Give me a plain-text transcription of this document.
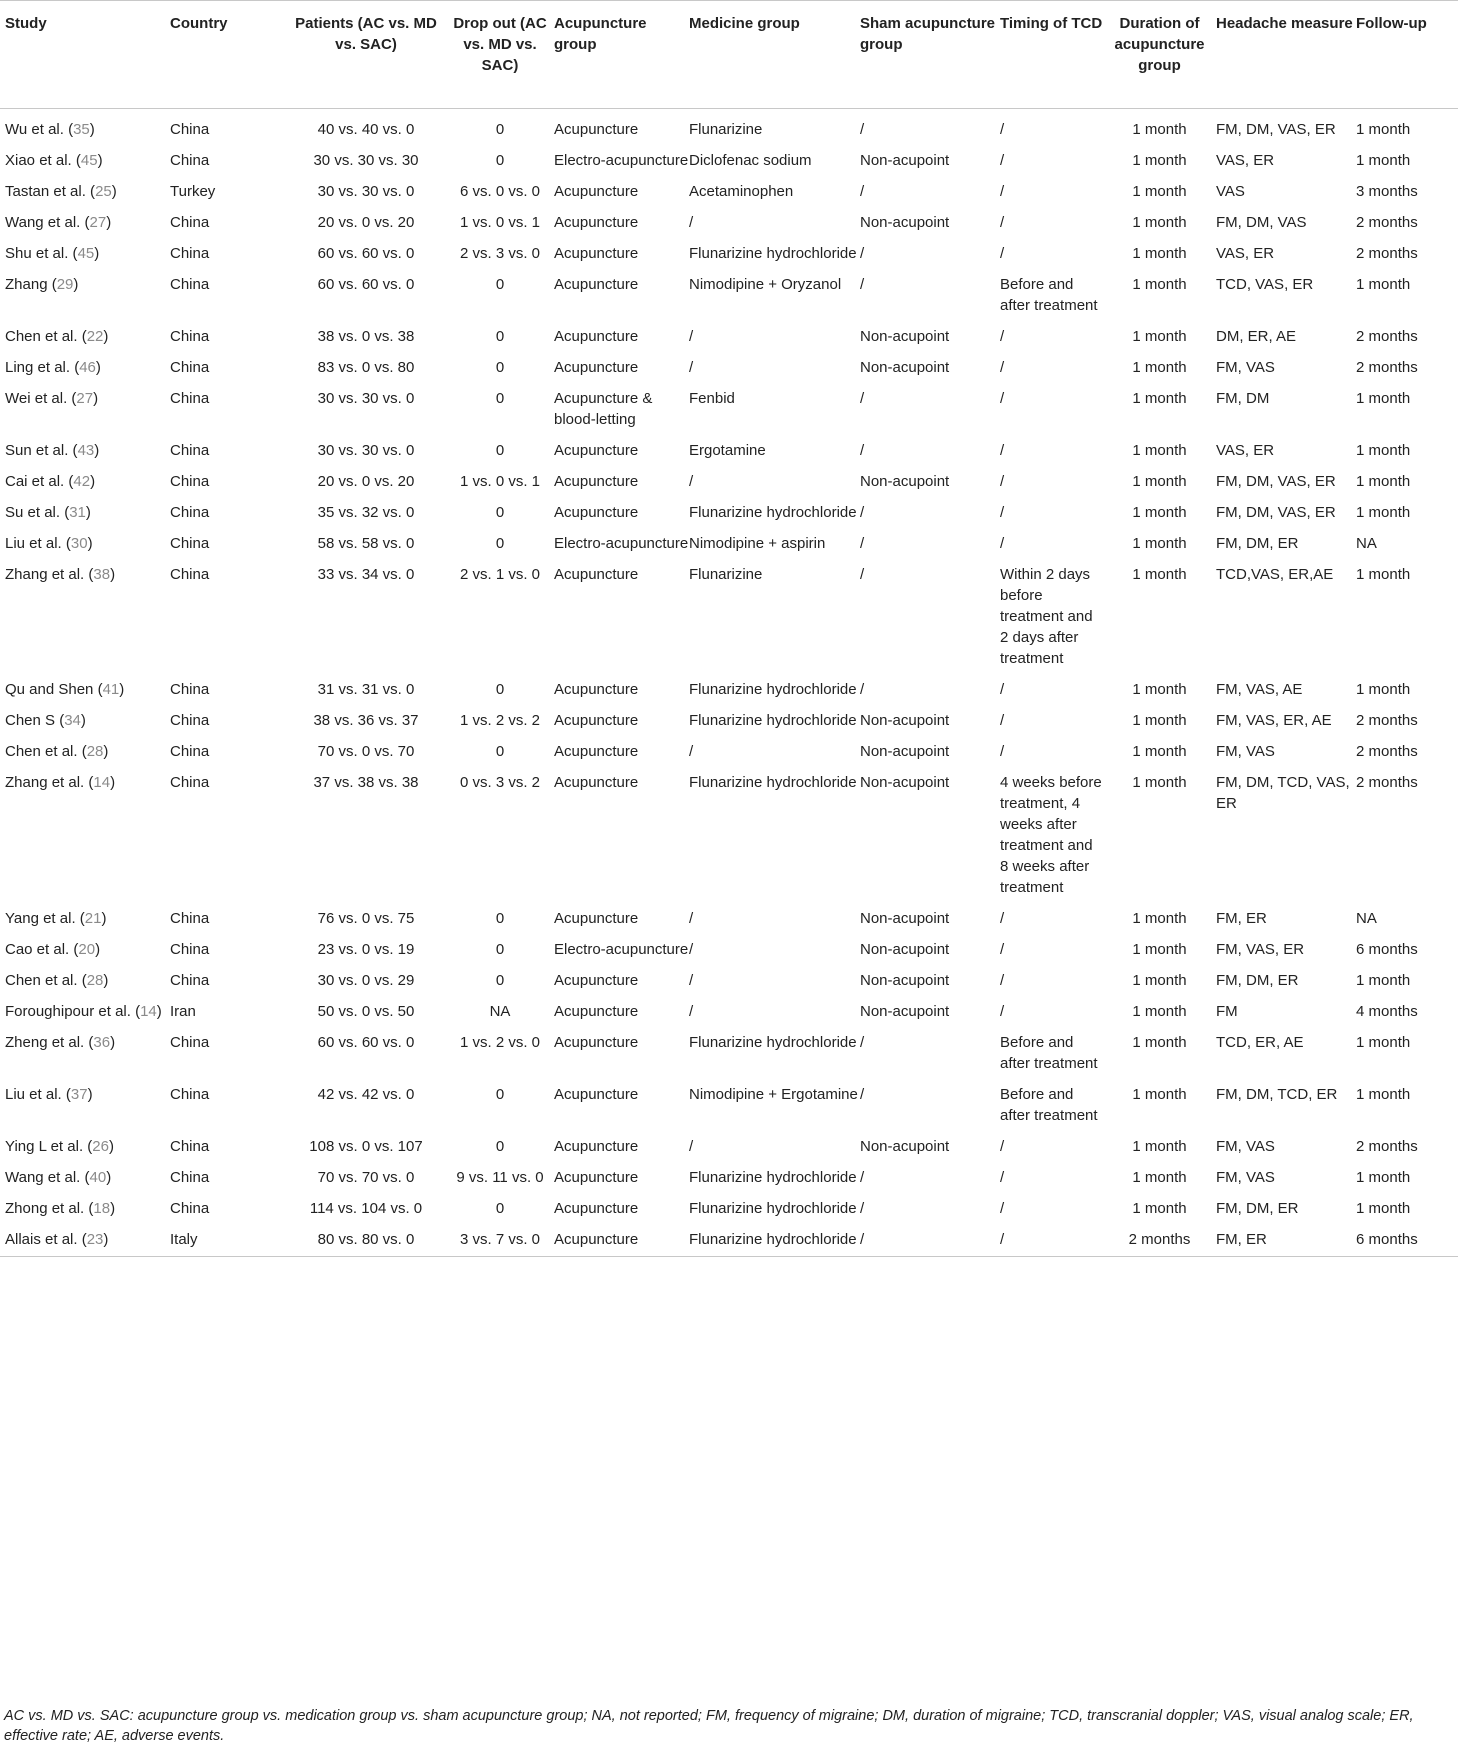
Study	Country	Patients (AC vs. MD vs. SAC)	Drop out (AC vs. MD vs. SAC)	Acupuncture group	Medicine group	Sham acupuncture group	Timing of TCD	Duration of acupuncture group	Headache measure	Follow-up
Wu et al. (35)	China	40 vs. 40 vs. 0	0	Acupuncture	Flunarizine	/	/	1 month	FM, DM, VAS, ER	1 month
Xiao et al. (45)	China	30 vs. 30 vs. 30	0	Electro-acupuncture	Diclofenac sodium	Non-acupoint	/	1 month	VAS, ER	1 month
Tastan et al. (25)	Turkey	30 vs. 30 vs. 0	6 vs. 0 vs. 0	Acupuncture	Acetaminophen	/	/	1 month	VAS	3 months
Wang et al. (27)	China	20 vs. 0 vs. 20	1 vs. 0 vs. 1	Acupuncture	/	Non-acupoint	/	1 month	FM, DM, VAS	2 months
Shu et al. (45)	China	60 vs. 60 vs. 0	2 vs. 3 vs. 0	Acupuncture	Flunarizine hydrochloride	/	/	1 month	VAS, ER	2 months
Zhang (29)	China	60 vs. 60 vs. 0	0	Acupuncture	Nimodipine + Oryzanol	/	Before and after treatment	1 month	TCD, VAS, ER	1 month
Chen et al. (22)	China	38 vs. 0 vs. 38	0	Acupuncture	/	Non-acupoint	/	1 month	DM, ER, AE	2 months
Ling et al. (46)	China	83 vs. 0 vs. 80	0	Acupuncture	/	Non-acupoint	/	1 month	FM, VAS	2 months
Wei et al. (27)	China	30 vs. 30 vs. 0	0	Acupuncture & blood-letting	Fenbid	/	/	1 month	FM, DM	1 month
Sun et al. (43)	China	30 vs. 30 vs. 0	0	Acupuncture	Ergotamine	/	/	1 month	VAS, ER	1 month
Cai et al. (42)	China	20 vs. 0 vs. 20	1 vs. 0 vs. 1	Acupuncture	/	Non-acupoint	/	1 month	FM, DM, VAS, ER	1 month
Su et al. (31)	China	35 vs. 32 vs. 0	0	Acupuncture	Flunarizine hydrochloride	/	/	1 month	FM, DM, VAS, ER	1 month
Liu et al. (30)	China	58 vs. 58 vs. 0	0	Electro-acupuncture	Nimodipine + aspirin	/	/	1 month	FM, DM, ER	NA
Zhang et al. (38)	China	33 vs. 34 vs. 0	2 vs. 1 vs. 0	Acupuncture	Flunarizine	/	Within 2 days before treatment and 2 days after treatment	1 month	TCD,VAS, ER,AE	1 month
Qu and Shen (41)	China	31 vs. 31 vs. 0	0	Acupuncture	Flunarizine hydrochloride	/	/	1 month	FM, VAS, AE	1 month
Chen S (34)	China	38 vs. 36 vs. 37	1 vs. 2 vs. 2	Acupuncture	Flunarizine hydrochloride	Non-acupoint	/	1 month	FM, VAS, ER, AE	2 months
Chen et al. (28)	China	70 vs. 0 vs. 70	0	Acupuncture	/	Non-acupoint	/	1 month	FM, VAS	2 months
Zhang et al. (14)	China	37 vs. 38 vs. 38	0 vs. 3 vs. 2	Acupuncture	Flunarizine hydrochloride	Non-acupoint	4 weeks before treatment, 4 weeks after treatment and 8 weeks after treatment	1 month	FM, DM, TCD, VAS, ER	2 months
Yang et al. (21)	China	76 vs. 0 vs. 75	0	Acupuncture	/	Non-acupoint	/	1 month	FM, ER	NA
Cao et al. (20)	China	23 vs. 0 vs. 19	0	Electro-acupuncture	/	Non-acupoint	/	1 month	FM, VAS, ER	6 months
Chen et al. (28)	China	30 vs. 0 vs. 29	0	Acupuncture	/	Non-acupoint	/	1 month	FM, DM, ER	1 month
Foroughipour et al. (14)	Iran	50 vs. 0 vs. 50	NA	Acupuncture	/	Non-acupoint	/	1 month	FM	4 months
Zheng et al. (36)	China	60 vs. 60 vs. 0	1 vs. 2 vs. 0	Acupuncture	Flunarizine hydrochloride	/	Before and after treatment	1 month	TCD, ER, AE	1 month
Liu et al. (37)	China	42 vs. 42 vs. 0	0	Acupuncture	Nimodipine + Ergotamine	/	Before and after treatment	1 month	FM, DM, TCD, ER	1 month
Ying L et al. (26)	China	108 vs. 0 vs. 107	0	Acupuncture	/	Non-acupoint	/	1 month	FM, VAS	2 months
Wang et al. (40)	China	70 vs. 70 vs. 0	9 vs. 11 vs. 0	Acupuncture	Flunarizine hydrochloride	/	/	1 month	FM, VAS	1 month
Zhong et al. (18)	China	114 vs. 104 vs. 0	0	Acupuncture	Flunarizine hydrochloride	/	/	1 month	FM, DM, ER	1 month
Allais et al. (23)	Italy	80 vs. 80 vs. 0	3 vs. 7 vs. 0	Acupuncture	Flunarizine hydrochloride	/	/	2 months	FM, ER	6 months
AC vs. MD vs. SAC: acupuncture group vs. medication group vs. sham acupuncture group; NA, not reported; FM, frequency of migraine; DM, duration of migraine; TCD, transcranial doppler; VAS, visual analog scale; ER, effective rate; AE, adverse events.
